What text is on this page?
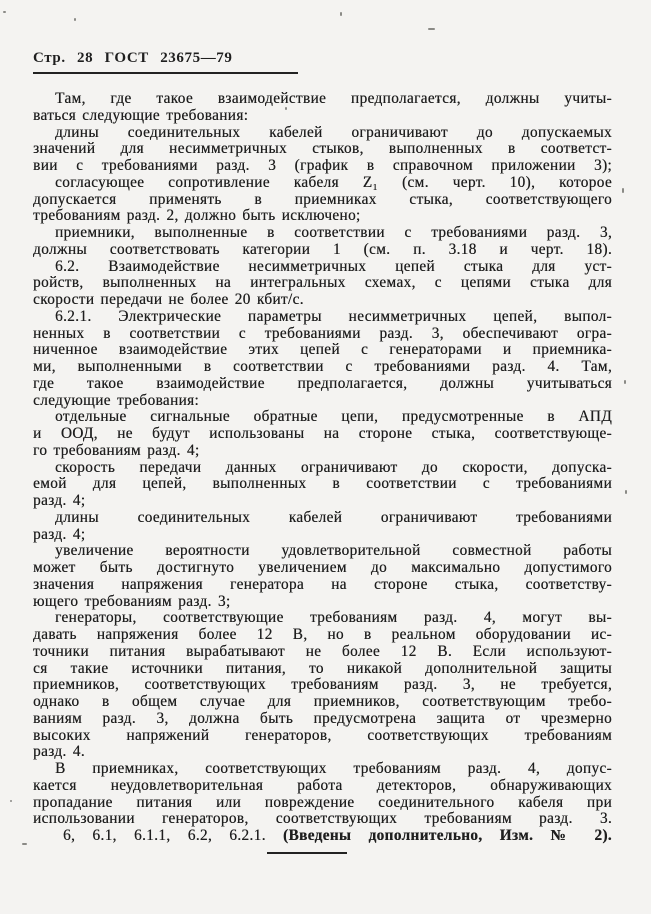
Стр. 28 ГОСТ 23675—79
Там, где такое взаимодействие предполагается, должны учиты-
ваться следующие требования:
длины соединительных кабелей ограничивают до допускаемых
значений для несимметричных стыков, выполненных в соответст-
вии с требованиями разд. 3 (график в справочном приложении 3);
согласующее сопротивление кабеля Z₁ (см. черт. 10), которое
допускается применять в приемниках стыка, соответствующего
требованиям разд. 2, должно быть исключено;
приемники, выполненные в соответствии с требованиями разд. 3,
должны соответствовать категории 1 (см. п. 3.18 и черт. 18).
6.2. Взаимодействие несимметричных цепей стыка для уст-
ройств, выполненных на интегральных схемах, с цепями стыка для
скорости передачи не более 20 кбит/с.
6.2.1. Электрические параметры несимметричных цепей, выпол-
ненных в соответствии с требованиями разд. 3, обеспечивают огра-
ниченное взаимодействие этих цепей с генераторами и приемника-
ми, выполненными в соответствии с требованиями разд. 4. Там,
где такое взаимодействие предполагается, должны учитываться
следующие требования:
отдельные сигнальные обратные цепи, предусмотренные в АПД
и ООД, не будут использованы на стороне стыка, соответствующе-
го требованиям разд. 4;
скорость передачи данных ограничивают до скорости, допуска-
емой для цепей, выполненных в соответствии с требованиями
разд. 4;
длины соединительных кабелей ограничивают требованиями
разд. 4;
увеличение вероятности удовлетворительной совместной работы
может быть достигнуто увеличением до максимально допустимого
значения напряжения генератора на стороне стыка, соответству-
ющего требованиям разд. 3;
генераторы, соответствующие требованиям разд. 4, могут вы-
давать напряжения более 12 В, но в реальном оборудовании ис-
точники питания вырабатывают не более 12 В. Если используют-
ся такие источники питания, то никакой дополнительной защиты
приемников, соответствующих требованиям разд. 3, не требуется,
однако в общем случае для приемников, соответствующим требо-
ваниям разд. 3, должна быть предусмотрена защита от чрезмерно
высоких напряжений генераторов, соответствующих требованиям
разд. 4.
В приемниках, соответствующих требованиям разд. 4, допус-
кается неудовлетворительная работа детекторов, обнаруживающих
пропадание питания или повреждение соединительного кабеля при
использовании генераторов, соответствующих требованиям разд. 3.
6, 6.1, 6.1.1, 6.2, 6.2.1. (Введены дополнительно, Изм. № 2).
